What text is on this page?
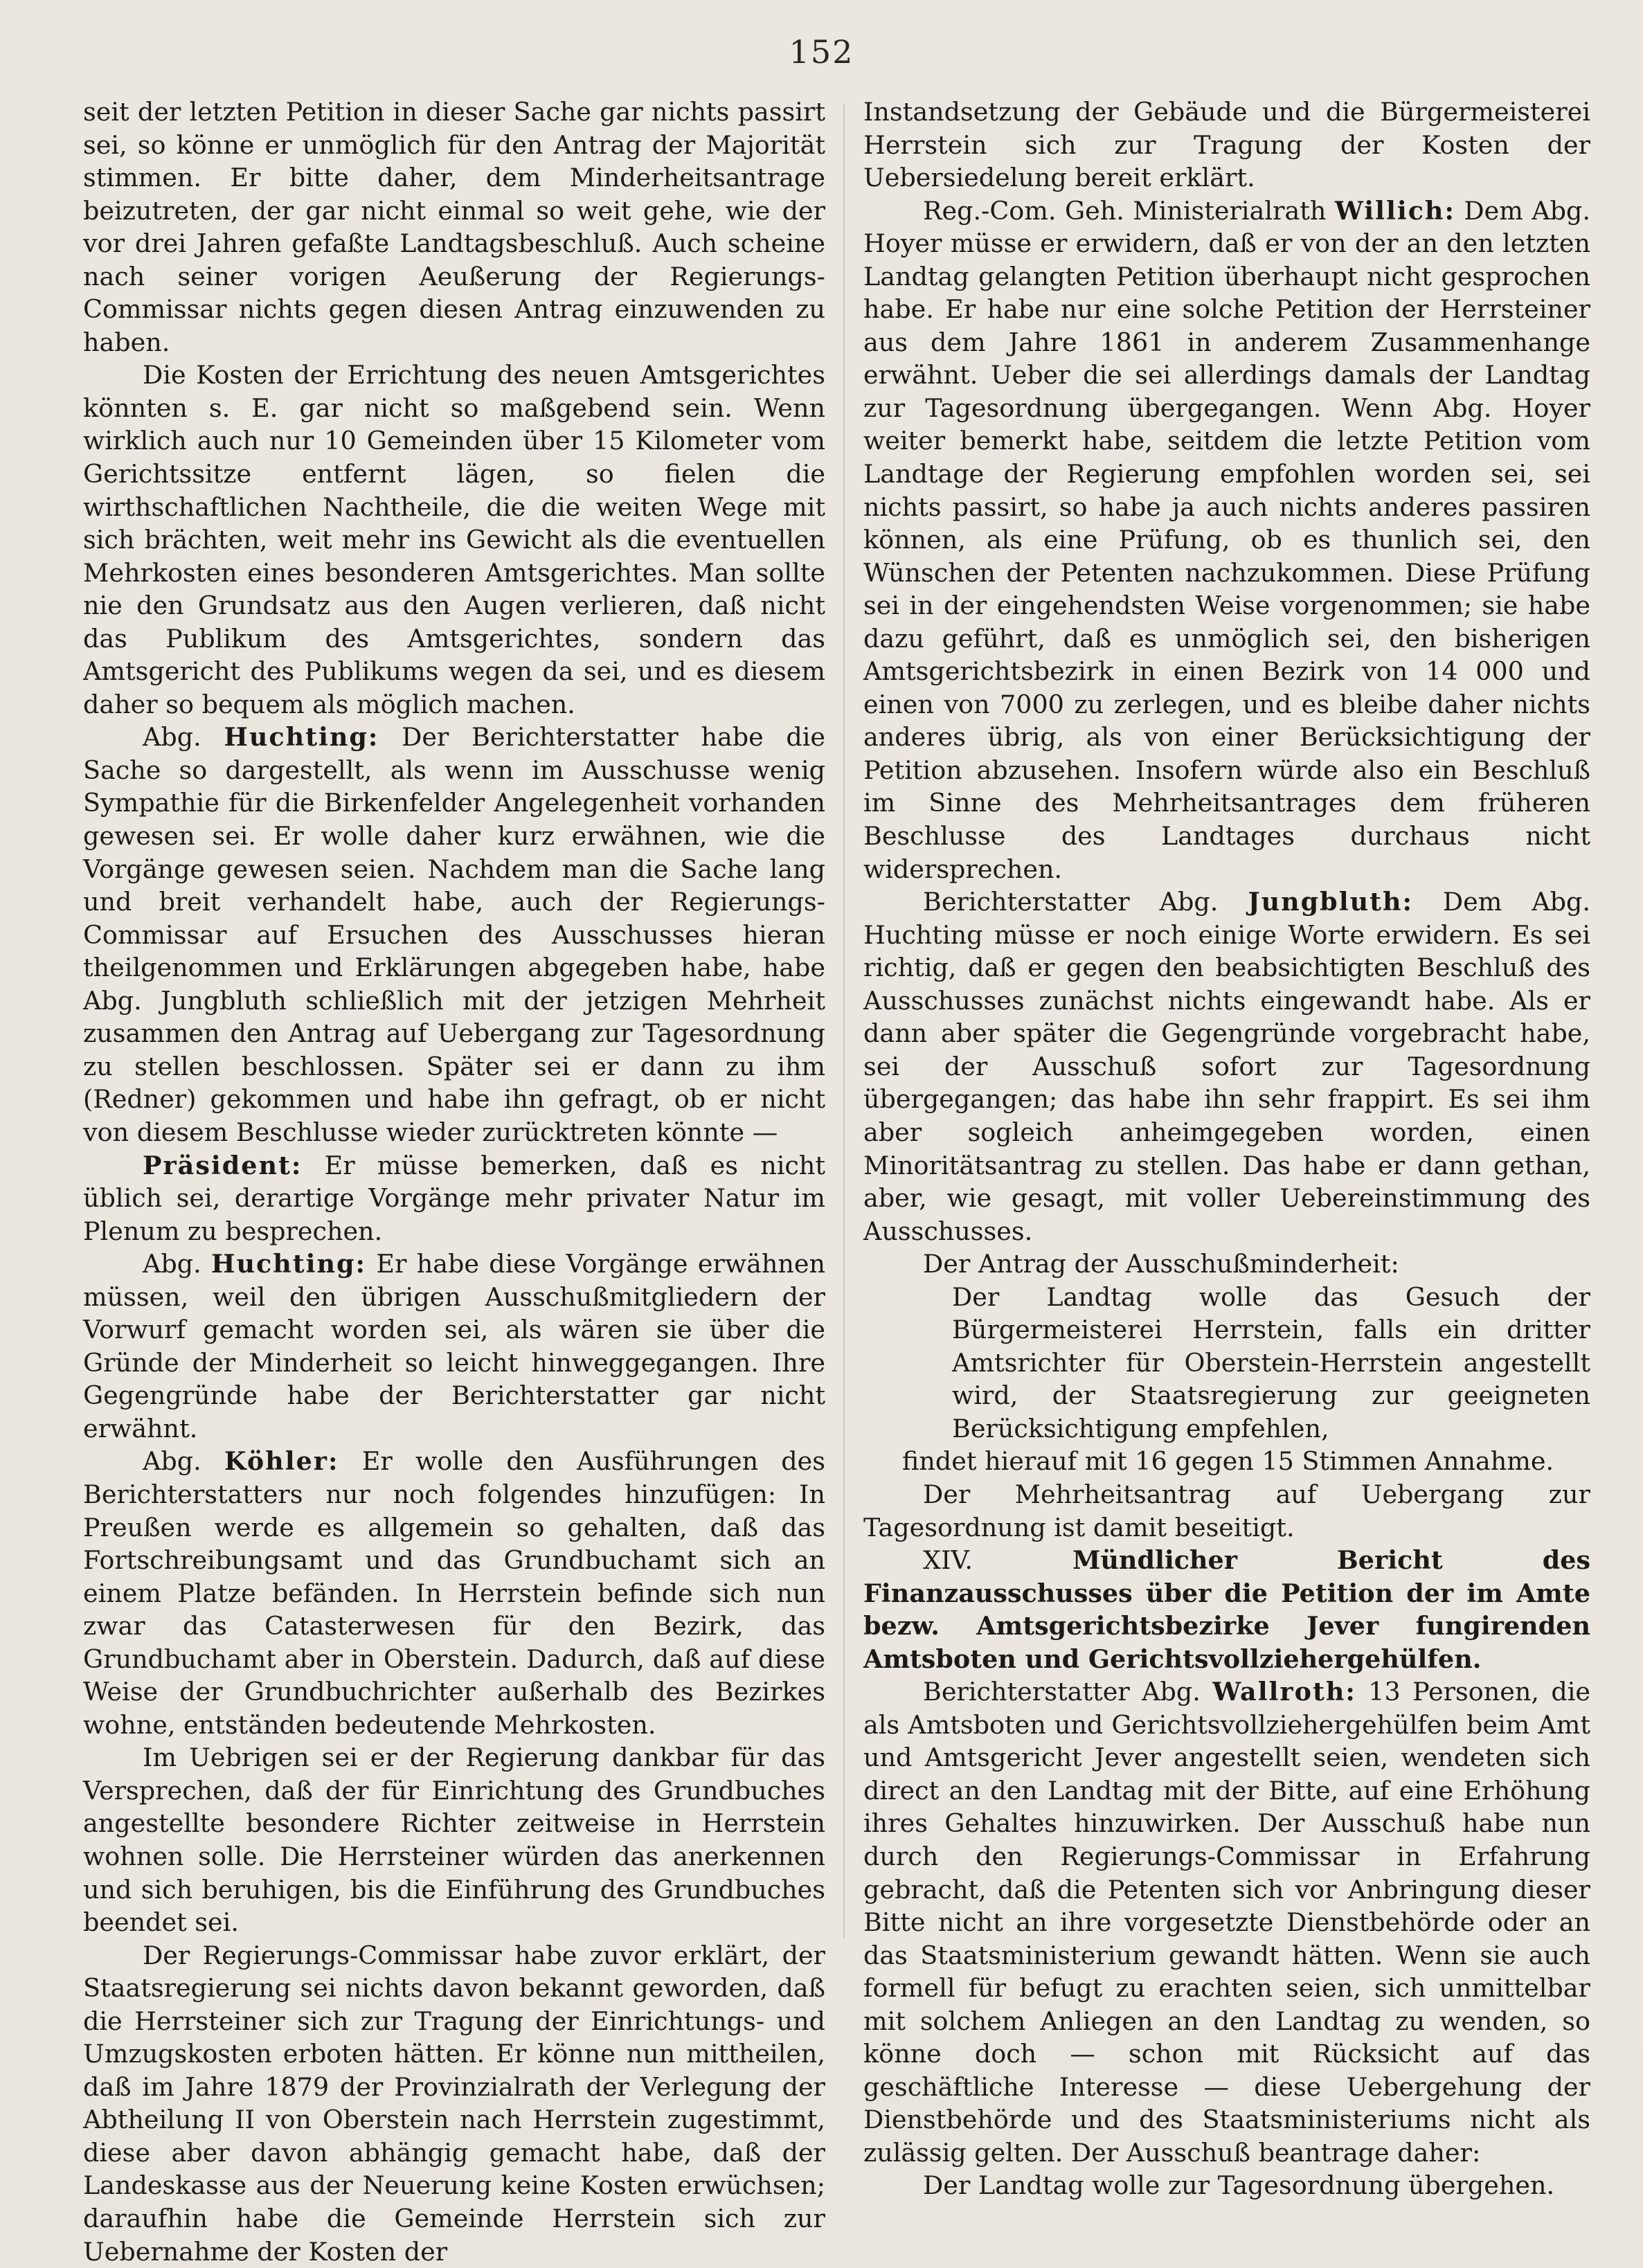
152

seit der letzten Petition in dieser Sache gar nichts passirt sei, so könne er unmöglich für den Antrag der Majorität stimmen. Er bitte daher, dem Minderheitsantrage beizutreten, der gar nicht einmal so weit gehe, wie der vor drei Jahren gefaßte Landtagsbeschluß. Auch scheine nach seiner vorigen Aeußerung der Regierungs-Commissar nichts gegen diesen Antrag einzuwenden zu haben.

Die Kosten der Errichtung des neuen Amtsgerichtes könnten s. E. gar nicht so maßgebend sein. Wenn wirklich auch nur 10 Gemeinden über 15 Kilometer vom Gerichtssitze entfernt lägen, so fielen die wirthschaftlichen Nachtheile, die die weiten Wege mit sich brächten, weit mehr ins Gewicht als die eventuellen Mehrkosten eines besonderen Amtsgerichtes. Man sollte nie den Grundsatz aus den Augen verlieren, daß nicht das Publikum des Amtsgerichtes, sondern das Amtsgericht des Publikums wegen da sei, und es diesem daher so bequem als möglich machen.

Abg. Huchting: Der Berichterstatter habe die Sache so dargestellt, als wenn im Ausschusse wenig Sympathie für die Birkenfelder Angelegenheit vorhanden gewesen sei. Er wolle daher kurz erwähnen, wie die Vorgänge gewesen seien. Nachdem man die Sache lang und breit verhandelt habe, auch der Regierungs-Commissar auf Ersuchen des Ausschusses hieran theilgenommen und Erklärungen abgegeben habe, habe Abg. Jungbluth schließlich mit der jetzigen Mehrheit zusammen den Antrag auf Uebergang zur Tagesordnung zu stellen beschlossen. Später sei er dann zu ihm (Redner) gekommen und habe ihn gefragt, ob er nicht von diesem Beschlusse wieder zurücktreten könnte —

Präsident: Er müsse bemerken, daß es nicht üblich sei, derartige Vorgänge mehr privater Natur im Plenum zu besprechen.

Abg. Huchting: Er habe diese Vorgänge erwähnen müssen, weil den übrigen Ausschußmitgliedern der Vorwurf gemacht worden sei, als wären sie über die Gründe der Minderheit so leicht hinweggegangen. Ihre Gegengründe habe der Berichterstatter gar nicht erwähnt.

Abg. Köhler: Er wolle den Ausführungen des Berichterstatters nur noch folgendes hinzufügen: In Preußen werde es allgemein so gehalten, daß das Fortschreibungsamt und das Grundbuchamt sich an einem Platze befänden. In Herrstein befinde sich nun zwar das Catasterwesen für den Bezirk, das Grundbuchamt aber in Oberstein. Dadurch, daß auf diese Weise der Grundbuchrichter außerhalb des Bezirkes wohne, entständen bedeutende Mehrkosten.

Im Uebrigen sei er der Regierung dankbar für das Versprechen, daß der für Einrichtung des Grundbuches angestellte besondere Richter zeitweise in Herrstein wohnen solle. Die Herrsteiner würden das anerkennen und sich beruhigen, bis die Einführung des Grundbuches beendet sei.

Der Regierungs-Commissar habe zuvor erklärt, der Staatsregierung sei nichts davon bekannt geworden, daß die Herrsteiner sich zur Tragung der Einrichtungs- und Umzugskosten erboten hätten. Er könne nun mittheilen, daß im Jahre 1879 der Provinzialrath der Verlegung der Abtheilung II von Oberstein nach Herrstein zugestimmt, diese aber davon abhängig gemacht habe, daß der Landeskasse aus der Neuerung keine Kosten erwüchsen; daraufhin habe die Gemeinde Herrstein sich zur Uebernahme der Kosten der

Instandsetzung der Gebäude und die Bürgermeisterei Herrstein sich zur Tragung der Kosten der Uebersiedelung bereit erklärt.

Reg.-Com. Geh. Ministerialrath Willich: Dem Abg. Hoyer müsse er erwidern, daß er von der an den letzten Landtag gelangten Petition überhaupt nicht gesprochen habe. Er habe nur eine solche Petition der Herrsteiner aus dem Jahre 1861 in anderem Zusammenhange erwähnt. Ueber die sei allerdings damals der Landtag zur Tagesordnung übergegangen. Wenn Abg. Hoyer weiter bemerkt habe, seitdem die letzte Petition vom Landtage der Regierung empfohlen worden sei, sei nichts passirt, so habe ja auch nichts anderes passiren können, als eine Prüfung, ob es thunlich sei, den Wünschen der Petenten nachzukommen. Diese Prüfung sei in der eingehendsten Weise vorgenommen; sie habe dazu geführt, daß es unmöglich sei, den bisherigen Amtsgerichtsbezirk in einen Bezirk von 14 000 und einen von 7000 zu zerlegen, und es bleibe daher nichts anderes übrig, als von einer Berücksichtigung der Petition abzusehen. Insofern würde also ein Beschluß im Sinne des Mehrheitsantrages dem früheren Beschlusse des Landtages durchaus nicht widersprechen.

Berichterstatter Abg. Jungbluth: Dem Abg. Huchting müsse er noch einige Worte erwidern. Es sei richtig, daß er gegen den beabsichtigten Beschluß des Ausschusses zunächst nichts eingewandt habe. Als er dann aber später die Gegengründe vorgebracht habe, sei der Ausschuß sofort zur Tagesordnung übergegangen; das habe ihn sehr frappirt. Es sei ihm aber sogleich anheimgegeben worden, einen Minoritätsantrag zu stellen. Das habe er dann gethan, aber, wie gesagt, mit voller Uebereinstimmung des Ausschusses.

Der Antrag der Ausschußminderheit:

Der Landtag wolle das Gesuch der Bürgermeisterei Herrstein, falls ein dritter Amtsrichter für Oberstein-Herrstein angestellt wird, der Staatsregierung zur geeigneten Berücksichtigung empfehlen,

findet hierauf mit 16 gegen 15 Stimmen Annahme.

Der Mehrheitsantrag auf Uebergang zur Tagesordnung ist damit beseitigt.

XIV. Mündlicher Bericht des Finanzausschusses über die Petition der im Amte bezw. Amtsgerichtsbezirke Jever fungirenden Amtsboten und Gerichtsvollziehergehülfen.

Berichterstatter Abg. Wallroth: 13 Personen, die als Amtsboten und Gerichtsvollziehergehülfen beim Amt und Amtsgericht Jever angestellt seien, wendeten sich direct an den Landtag mit der Bitte, auf eine Erhöhung ihres Gehaltes hinzuwirken. Der Ausschuß habe nun durch den Regierungs-Commissar in Erfahrung gebracht, daß die Petenten sich vor Anbringung dieser Bitte nicht an ihre vorgesetzte Dienstbehörde oder an das Staatsministerium gewandt hätten. Wenn sie auch formell für befugt zu erachten seien, sich unmittelbar mit solchem Anliegen an den Landtag zu wenden, so könne doch — schon mit Rücksicht auf das geschäftliche Interesse — diese Uebergehung der Dienstbehörde und des Staatsministeriums nicht als zulässig gelten. Der Ausschuß beantrage daher:

Der Landtag wolle zur Tagesordnung übergehen.
